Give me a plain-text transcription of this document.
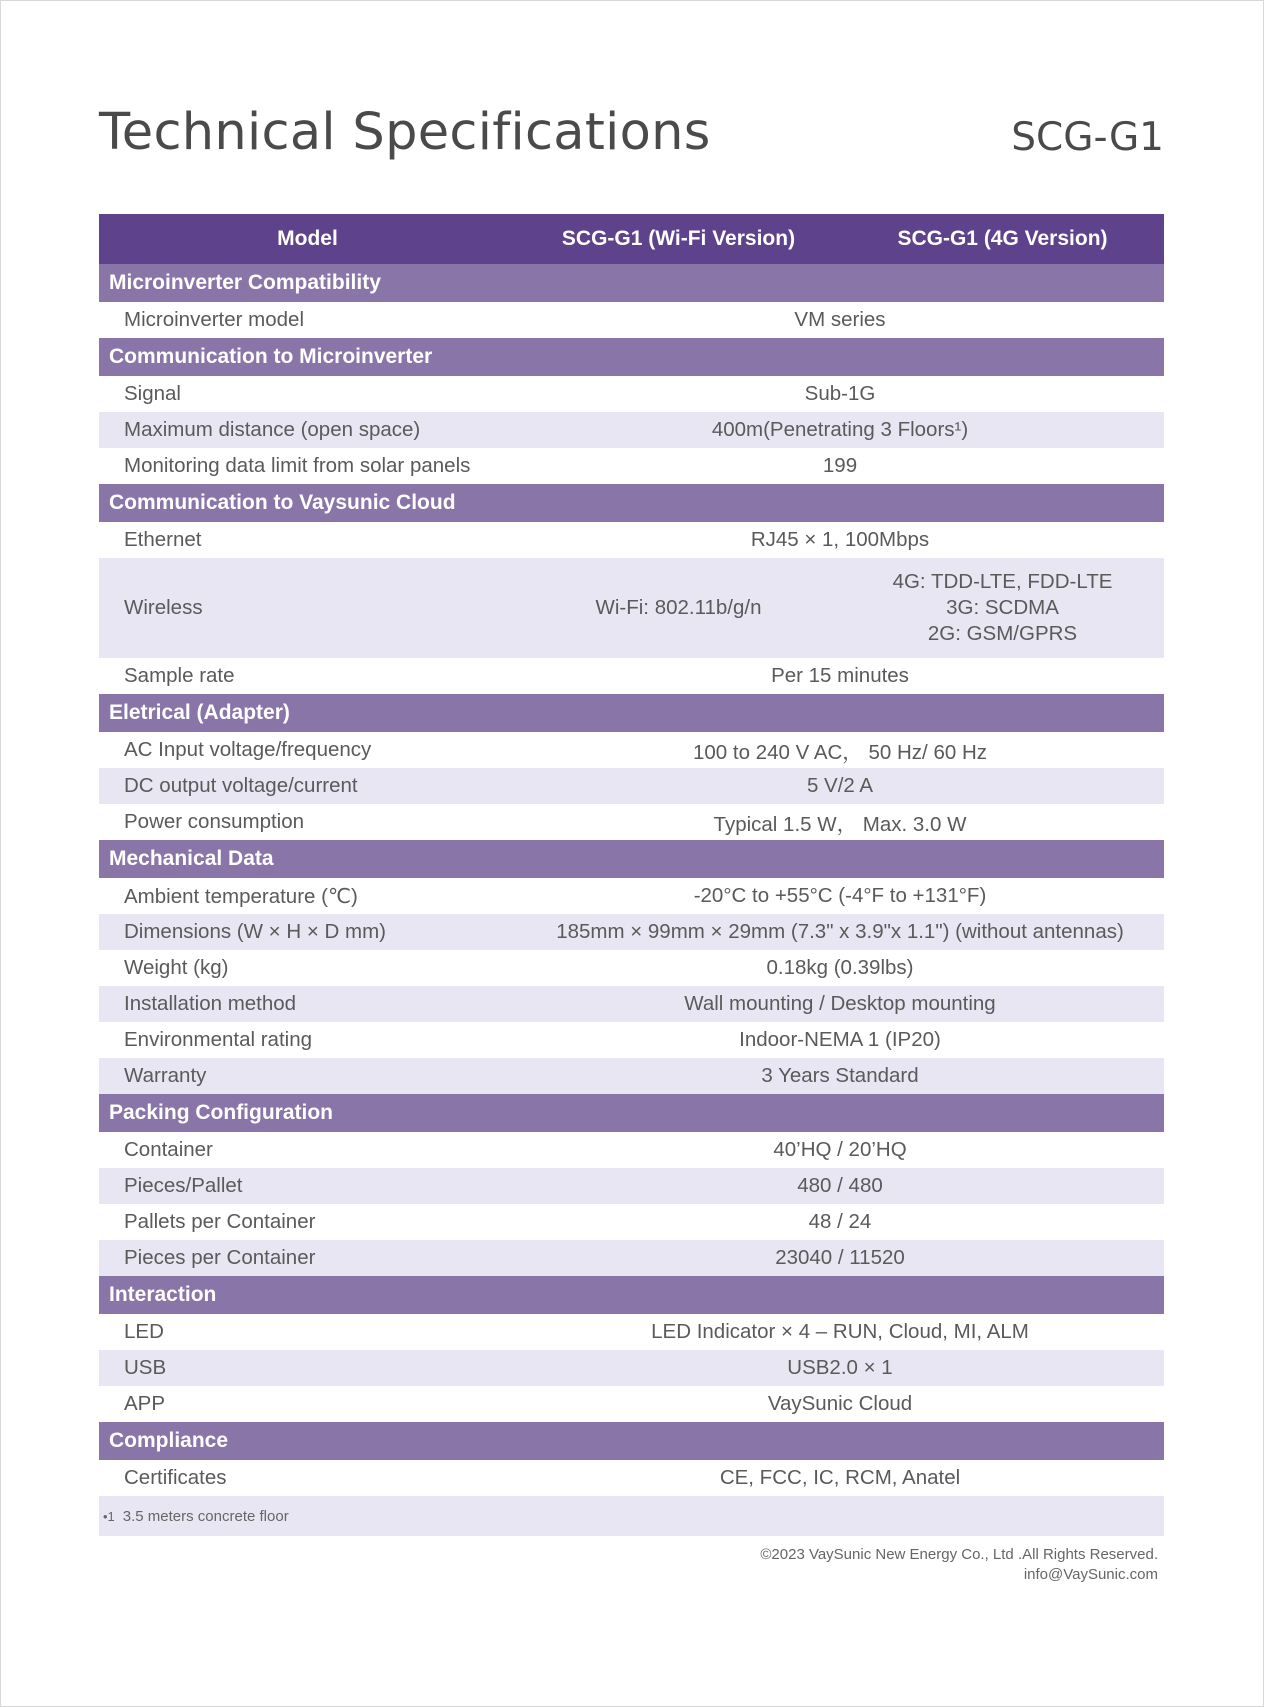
Technical Specifications	SCG-G1
Model	SCG-G1 (Wi-Fi Version)	SCG-G1 (4G Version)
Microinverter Compatibility		
Microinverter model	VM series	
Communication to Microinverter		
Signal	Sub-1G	
Maximum distance (open space)	400m(Penetrating 3 Floors¹)	
Monitoring data limit from solar panels	199	
Communication to Vaysunic Cloud		
Ethernet	RJ45 × 1, 100Mbps	
Wireless	Wi-Fi: 802.11b/g/n	4G: TDD-LTE, FDD-LTE
3G: SCDMA
2G: GSM/GPRS

Sample rate	Per 15 minutes	
Eletrical (Adapter)		
AC Input voltage/frequency	100 to 240 V AC， 50 Hz/ 60 Hz	
DC output voltage/current	5 V/2 A	
Power consumption	Typical 1.5 W， Max. 3.0 W	
Mechanical Data		
Ambient temperature (℃)	-20°C to +55°C (-4°F to +131°F)	
Dimensions (W × H × D mm)	185mm × 99mm × 29mm (7.3" x 3.9"x 1.1") (without antennas)	
Weight (kg)	0.18kg (0.39lbs)	
Installation method	Wall mounting / Desktop mounting	
Environmental rating	Indoor-NEMA 1 (IP20)	
Warranty	3 Years Standard	
Packing Configuration		
Container	40’HQ / 20’HQ	
Pieces/Pallet	480 / 480	
Pallets per Container	48 / 24	
Pieces per Container	23040 / 11520	
Interaction		
LED	LED Indicator × 4 – RUN, Cloud, MI, ALM	
USB	USB2.0 × 1	
APP	VaySunic Cloud	
Compliance		
Certificates	CE, FCC, IC, RCM, Anatel	
•1 3.5 meters concrete floor		
©2023 VaySunic New Energy Co., Ltd .All Rights Reserved.
info@VaySunic.com
